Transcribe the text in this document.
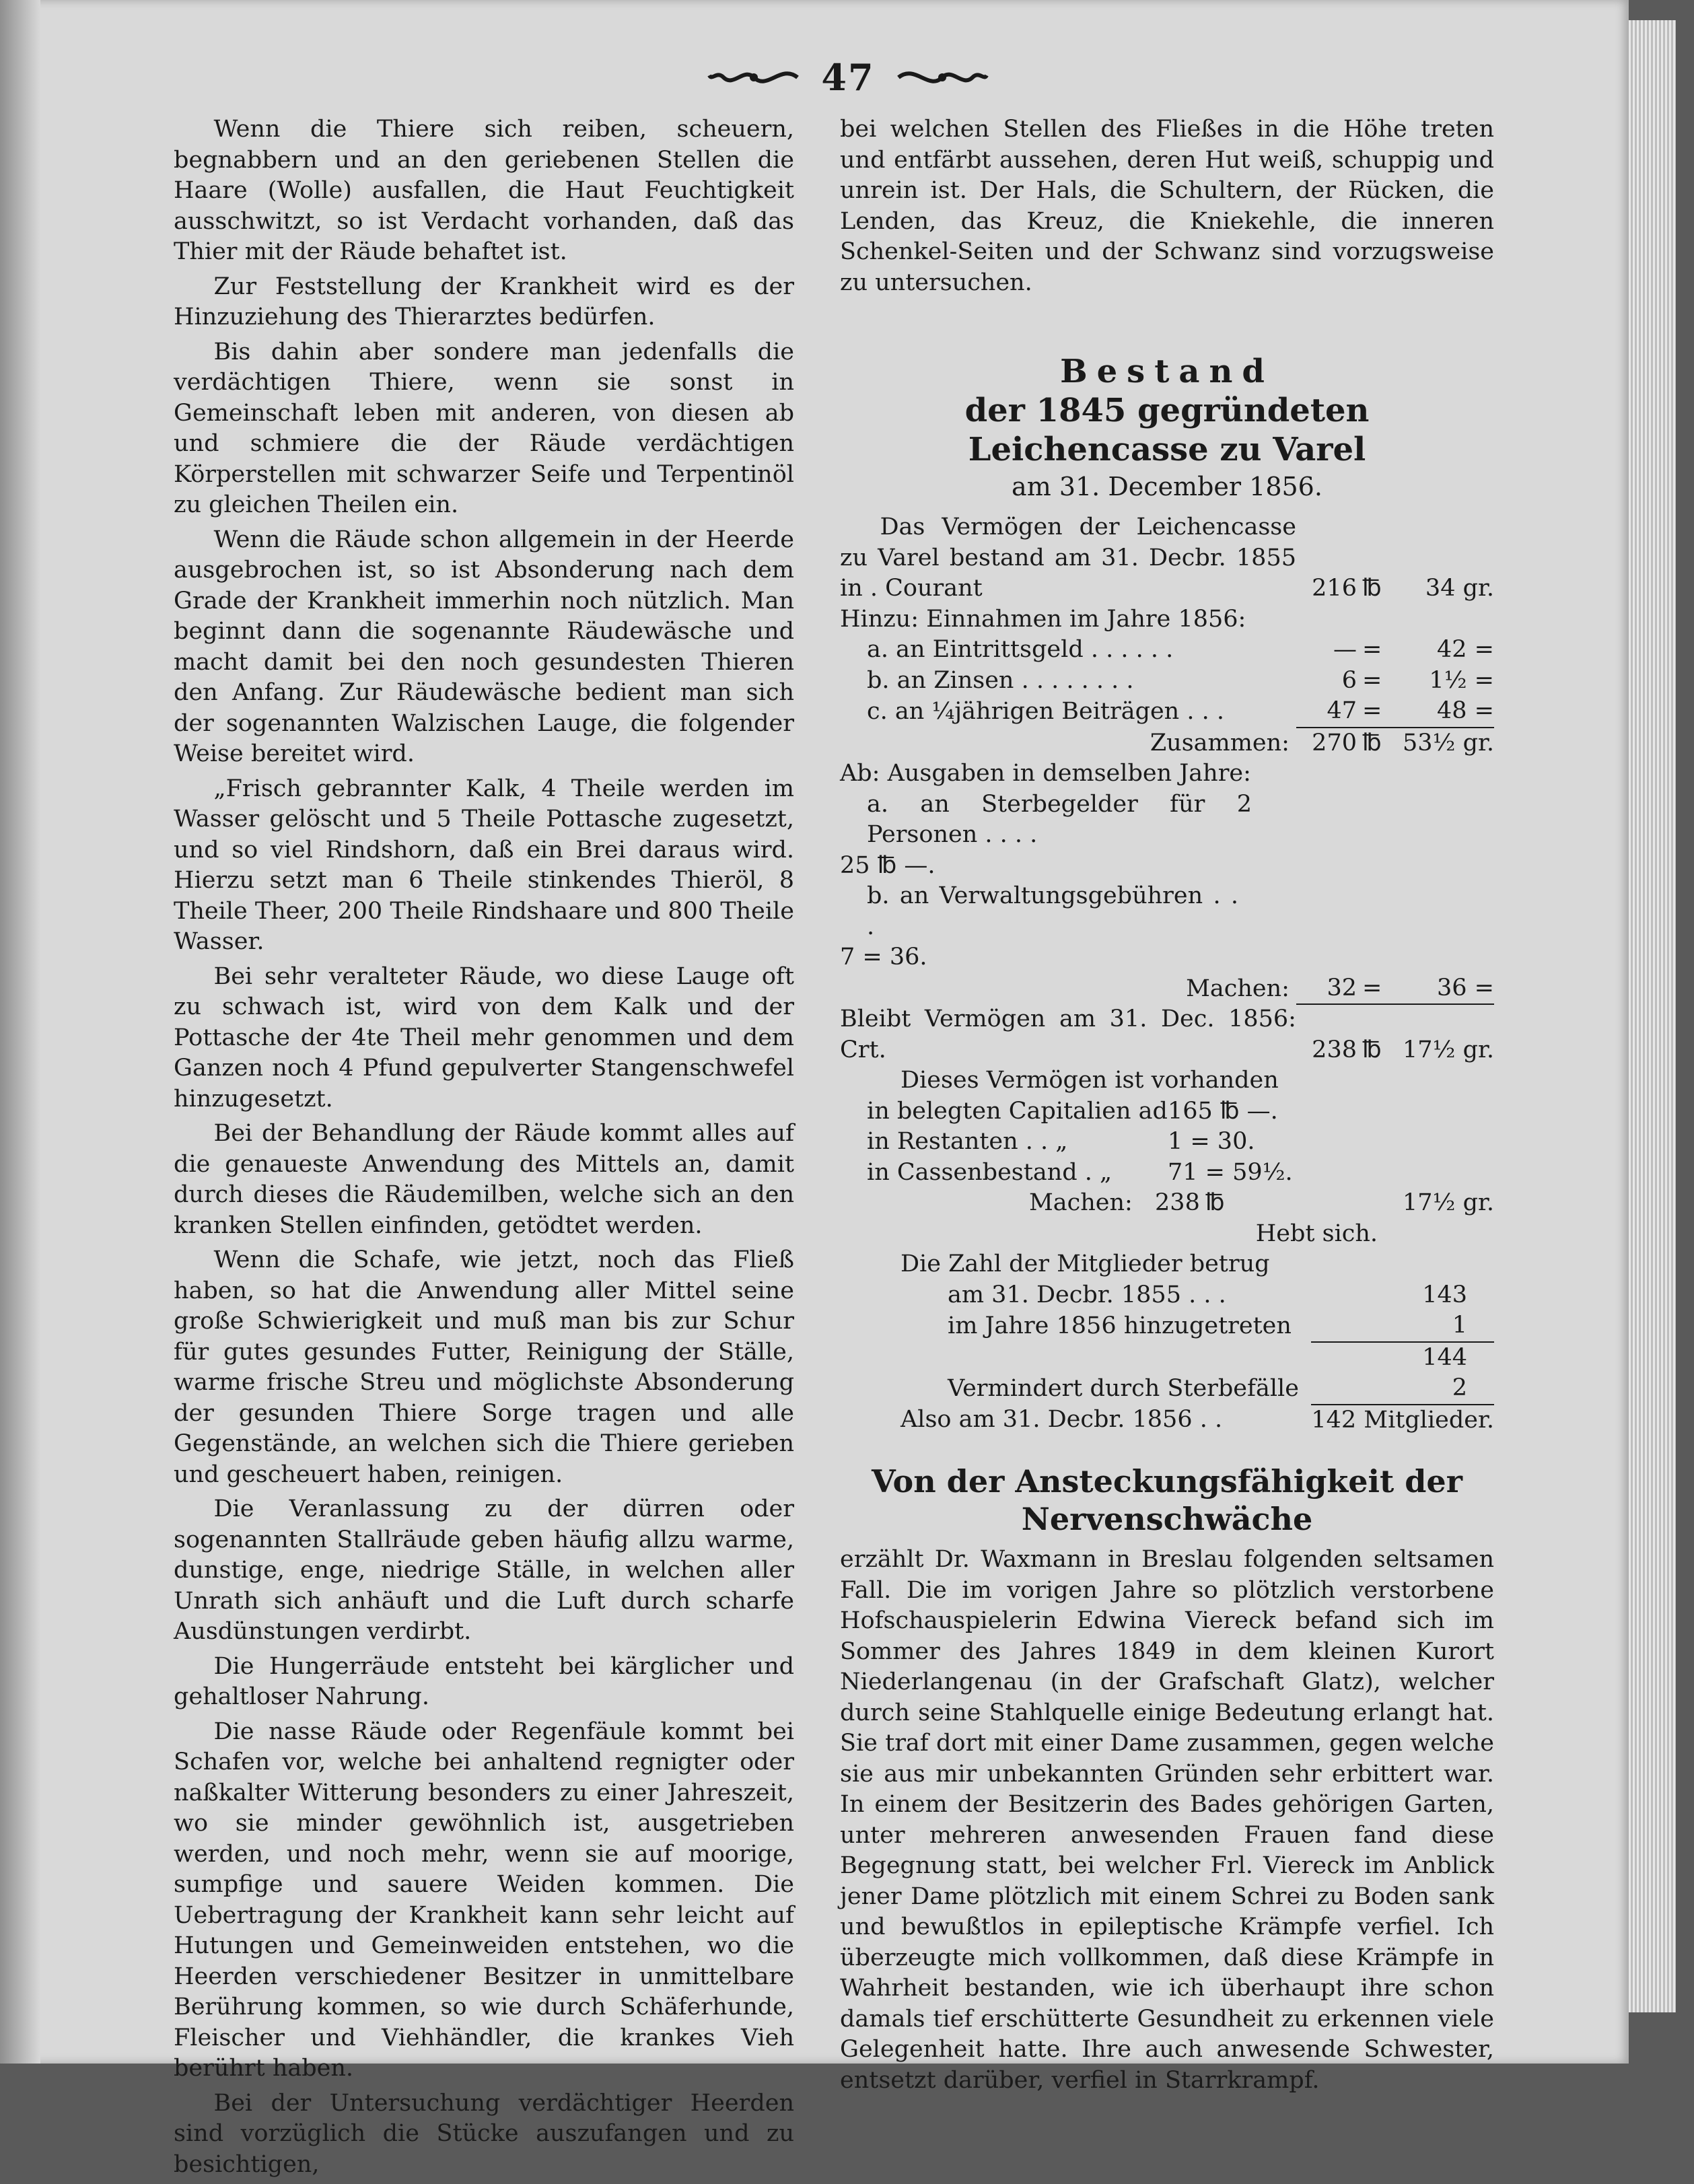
47

Wenn die Thiere sich reiben, scheuern, begnabbern und an den geriebenen Stellen die Haare (Wolle) ausfallen, die Haut Feuchtigkeit ausschwitzt, so ist Verdacht vorhanden, daß das Thier mit der Räude behaftet ist.

Zur Feststellung der Krankheit wird es der Hinzuziehung des Thierarztes bedürfen.

Bis dahin aber sondere man jedenfalls die verdächtigen Thiere, wenn sie sonst in Gemeinschaft leben mit anderen, von diesen ab und schmiere die der Räude verdächtigen Körperstellen mit schwarzer Seife und Terpentinöl zu gleichen Theilen ein.

Wenn die Räude schon allgemein in der Heerde ausgebrochen ist, so ist Absonderung nach dem Grade der Krankheit immerhin noch nützlich. Man beginnt dann die sogenannte Räudewäsche und macht damit bei den noch gesundesten Thieren den Anfang. Zur Räudewäsche bedient man sich der sogenannten Walzischen Lauge, die folgender Weise bereitet wird.

„Frisch gebrannter Kalk, 4 Theile werden im Wasser gelöscht und 5 Theile Pottasche zugesetzt, und so viel Rindshorn, daß ein Brei daraus wird. Hierzu setzt man 6 Theile stinkendes Thieröl, 8 Theile Theer, 200 Theile Rindshaare und 800 Theile Wasser.

Bei sehr veralteter Räude, wo diese Lauge oft zu schwach ist, wird von dem Kalk und der Pottasche der 4te Theil mehr genommen und dem Ganzen noch 4 Pfund gepulverter Stangenschwefel hinzugesetzt.

Bei der Behandlung der Räude kommt alles auf die genaueste Anwendung des Mittels an, damit durch dieses die Räudemilben, welche sich an den kranken Stellen einfinden, getödtet werden.

Wenn die Schafe, wie jetzt, noch das Fließ haben, so hat die Anwendung aller Mittel seine große Schwierigkeit und muß man bis zur Schur für gutes gesundes Futter, Reinigung der Ställe, warme frische Streu und möglichste Absonderung der gesunden Thiere Sorge tragen und alle Gegenstände, an welchen sich die Thiere gerieben und gescheuert haben, reinigen.

Die Veranlassung zu der dürren oder sogenannten Stallräude geben häufig allzu warme, dunstige, enge, niedrige Ställe, in welchen aller Unrath sich anhäuft und die Luft durch scharfe Ausdünstungen verdirbt.

Die Hungerräude entsteht bei kärglicher und gehaltloser Nahrung.

Die nasse Räude oder Regenfäule kommt bei Schafen vor, welche bei anhaltend regnigter oder naßkalter Witterung besonders zu einer Jahreszeit, wo sie minder gewöhnlich ist, ausgetrieben werden, und noch mehr, wenn sie auf moorige, sumpfige und sauere Weiden kommen. Die Uebertragung der Krankheit kann sehr leicht auf Hutungen und Gemeinweiden entstehen, wo die Heerden verschiedener Besitzer in unmittelbare Berührung kommen, so wie durch Schäferhunde, Fleischer und Viehhändler, die krankes Vieh berührt haben.

Bei der Untersuchung verdächtiger Heerden sind vorzüglich die Stücke auszufangen und zu besichtigen,

bei welchen Stellen des Fließes in die Höhe treten und entfärbt aussehen, deren Hut weiß, schuppig und unrein ist. Der Hals, die Schultern, der Rücken, die Lenden, das Kreuz, die Kniekehle, die inneren Schenkel-Seiten und der Schwanz sind vorzugsweise zu untersuchen.

Bestand
der 1845 gegründeten Leichencasse zu Varel
am 31. December 1856.
Das Vermögen der Leichencasse zu Varel bestand am 31. Decbr. 1855 in . Courant	216	℔	34 gr.
Hinzu: Einnahmen im Jahre 1856:			
a. an Eintrittsgeld . . . . . .	—	=	42 =
b. an Zinsen . . . . . . . .	6	=	1½ =
c. an ¼jährigen Beiträgen . . .	47	=	48 =
Zusammen:	270	℔	53½ gr.
Ab: Ausgaben in demselben Jahre:
a. an Sterbegelder für 2 Personen . . . .
25 ℔ —.
b. an Verwaltungsgebühren . . .
7 = 36.
Machen:	32	=	36 =
Bleibt Vermögen am 31. Dec. 1856: Crt.	238	℔	17½ gr.
Dieses Vermögen ist vorhanden
in belegten Capitalien ad	165 ℔ —.
in Restanten . . „	1 = 30.
in Cassenbestand . „	71 = 59½.
Machen:	238	℔	17½ gr.
	Hebt sich.		
Die Zahl der Mitglieder betrug
am 31. Decbr. 1855 . . .	143
im Jahre 1856 hinzugetreten	1
	144
Vermindert durch Sterbefälle	2
Also am 31. Decbr. 1856 . .	142 Mitglieder.
Von der Ansteckungsfähigkeit der Nervenschwäche

erzählt Dr. Waxmann in Breslau folgenden seltsamen Fall. Die im vorigen Jahre so plötzlich verstorbene Hofschauspielerin Edwina Viereck befand sich im Sommer des Jahres 1849 in dem kleinen Kurort Niederlangenau (in der Grafschaft Glatz), welcher durch seine Stahlquelle einige Bedeutung erlangt hat. Sie traf dort mit einer Dame zusammen, gegen welche sie aus mir unbekannten Gründen sehr erbittert war. In einem der Besitzerin des Bades gehörigen Garten, unter mehreren anwesenden Frauen fand diese Begegnung statt, bei welcher Frl. Viereck im Anblick jener Dame plötzlich mit einem Schrei zu Boden sank und bewußtlos in epileptische Krämpfe verfiel. Ich überzeugte mich vollkommen, daß diese Krämpfe in Wahrheit bestanden, wie ich überhaupt ihre schon damals tief erschütterte Gesundheit zu erkennen viele Gelegenheit hatte. Ihre auch anwesende Schwester, entsetzt darüber, verfiel in Starrkrampf.
